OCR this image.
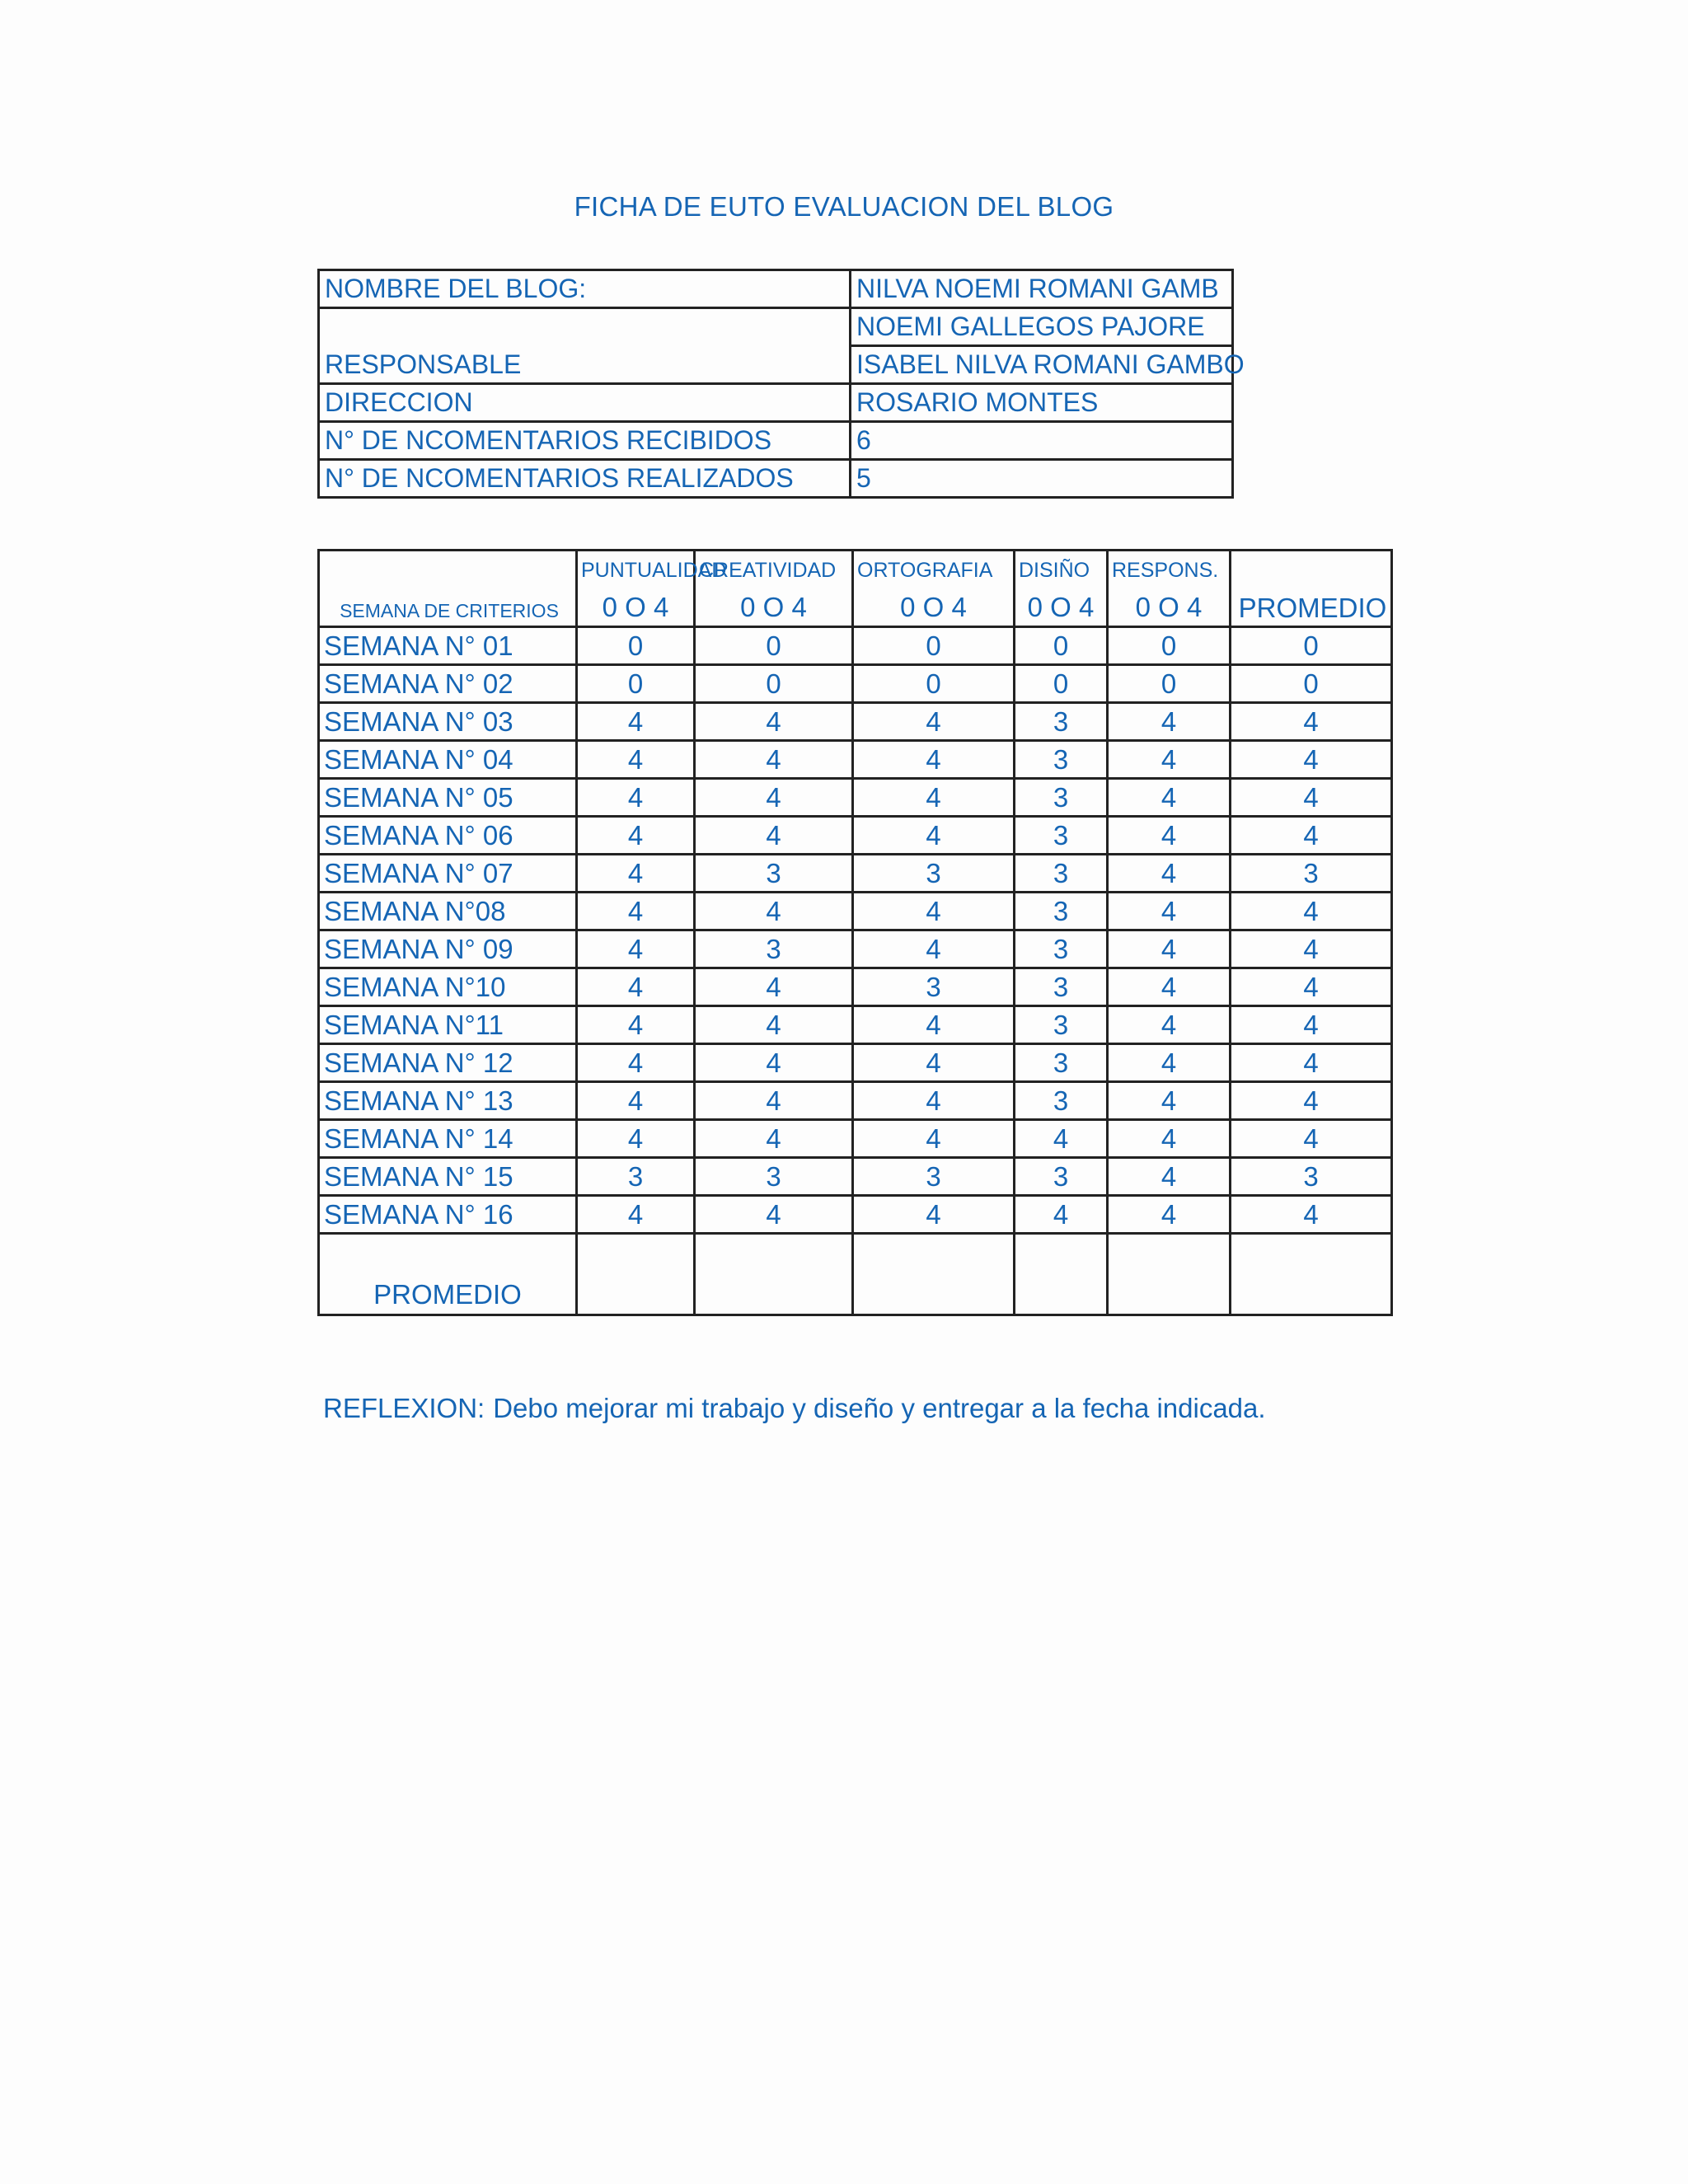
FICHA DE EUTO EVALUACION DEL BLOG
NOMBRE DEL BLOG:	NILVA NOEMI ROMANI GAMB
RESPONSABLE	NOEMI GALLEGOS PAJORE
	ISABEL NILVA ROMANI GAMBO
DIRECCION	ROSARIO MONTES
N° DE NCOMENTARIOS RECIBIDOS	6
N° DE NCOMENTARIOS REALIZADOS	5
SEMANA DE CRITERIOS	PUNTUALIDAD	CREATIVIDAD	ORTOGRAFIA	DISIÑO	RESPONS.	PROMEDIO
	0 O 4	0 O 4	0 O 4	0 O 4	0 O 4	
SEMANA N° 01	0	0	0	0	0	0
SEMANA N° 02	0	0	0	0	0	0
SEMANA N° 03	4	4	4	3	4	4
SEMANA N° 04	4	4	4	3	4	4
SEMANA N° 05	4	4	4	3	4	4
SEMANA N° 06	4	4	4	3	4	4
SEMANA N° 07	4	3	3	3	4	3
SEMANA N°08	4	4	4	3	4	4
SEMANA N° 09	4	3	4	3	4	4
SEMANA N°10	4	4	3	3	4	4
SEMANA N°11	4	4	4	3	4	4
SEMANA N° 12	4	4	4	3	4	4
SEMANA N° 13	4	4	4	3	4	4
SEMANA N° 14	4	4	4	4	4	4
SEMANA N° 15	3	3	3	3	4	3
SEMANA N° 16	4	4	4	4	4	4
PROMEDIO						
REFLEXION: Debo mejorar mi trabajo y diseño y entregar a la fecha indicada.
